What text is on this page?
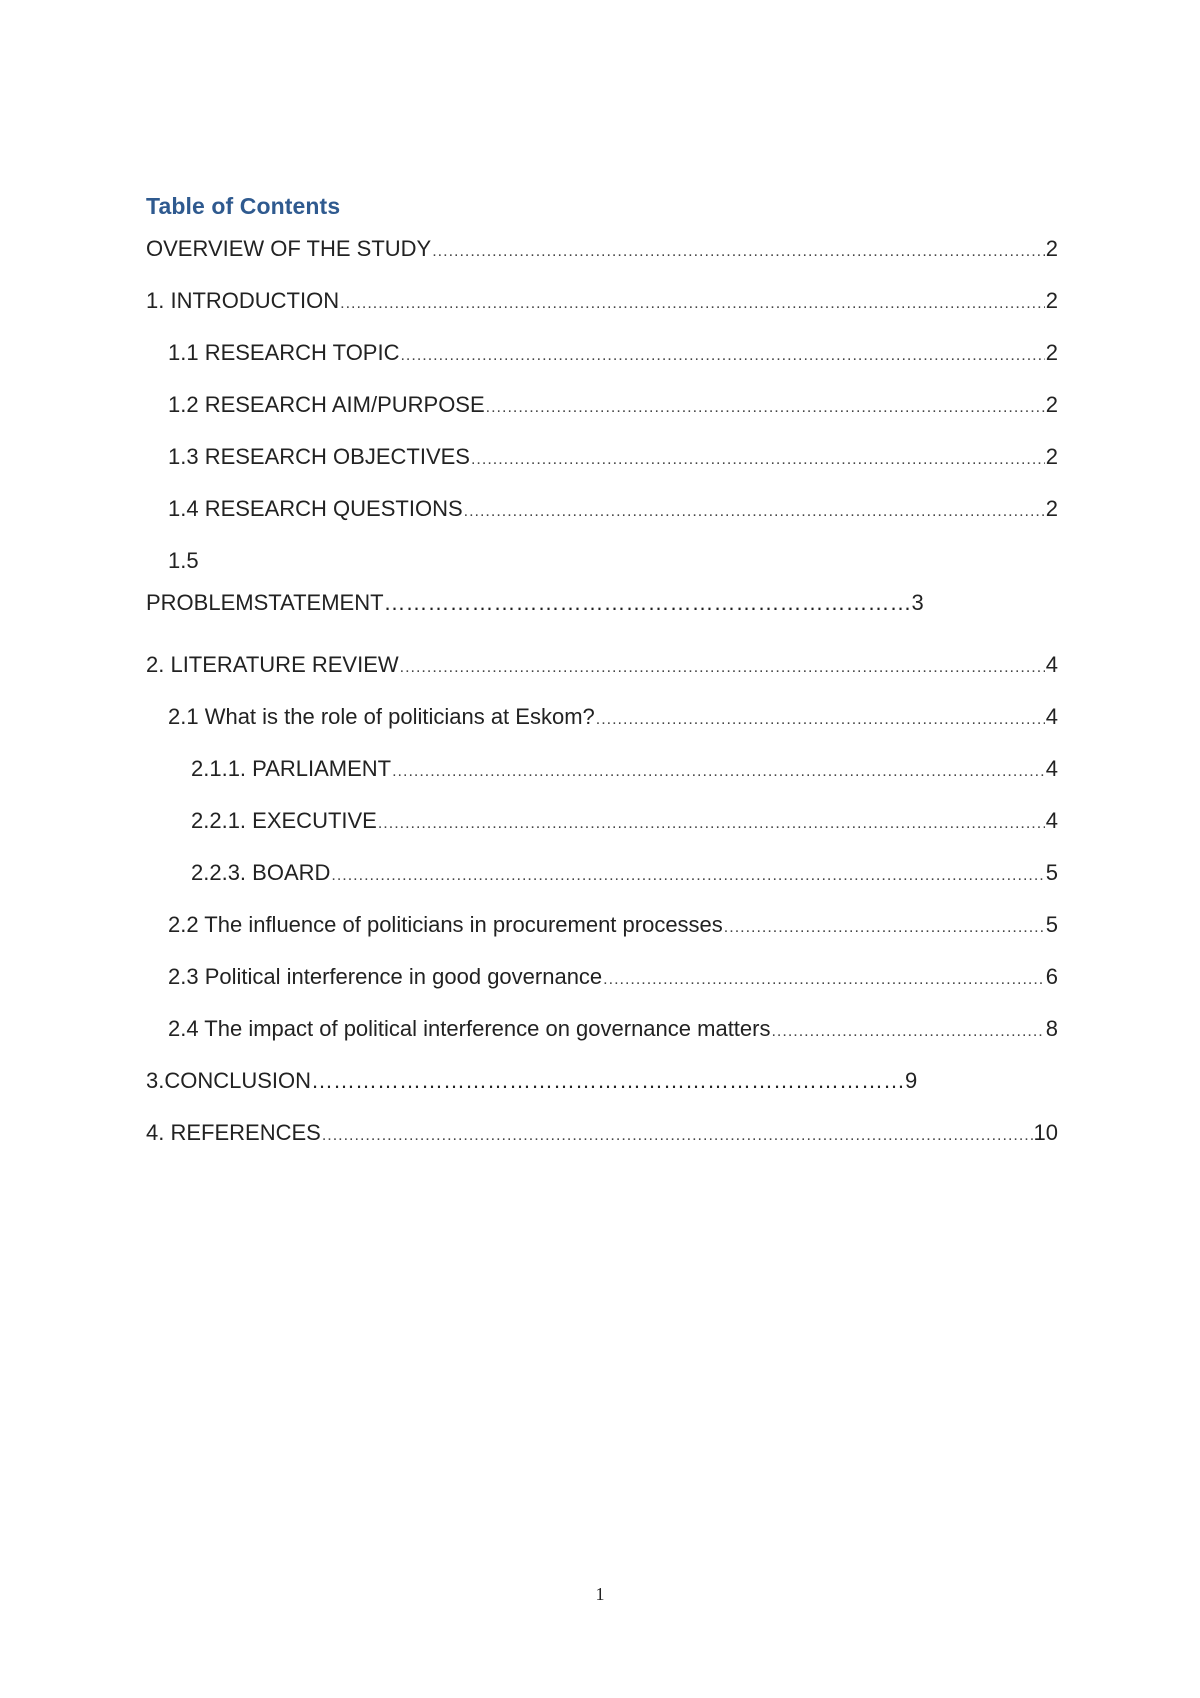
Table of Contents
OVERVIEW OF THE STUDY .....	2
1. INTRODUCTION .....	2
1.1 RESEARCH TOPIC .....	2
1.2 RESEARCH AIM/PURPOSE .....	2
1.3 RESEARCH OBJECTIVES .....	2
1.4 RESEARCH QUESTIONS .....	2
1.5
PROBLEMSTATEMENT………………………………………………………………3
2. LITERATURE REVIEW .....	4
2.1 What is the role of politicians at Eskom? .....	4
2.1.1. PARLIAMENT .....	4
2.2.1. EXECUTIVE .....	4
2.2.3. BOARD .....	5
2.2 The influence of politicians in procurement processes .....	5
2.3 Political interference in good governance .....	6
2.4 The impact of political interference on governance matters .....	8
3.CONCLUSION………………………………………………………………………9
4. REFERENCES .....	10
1
